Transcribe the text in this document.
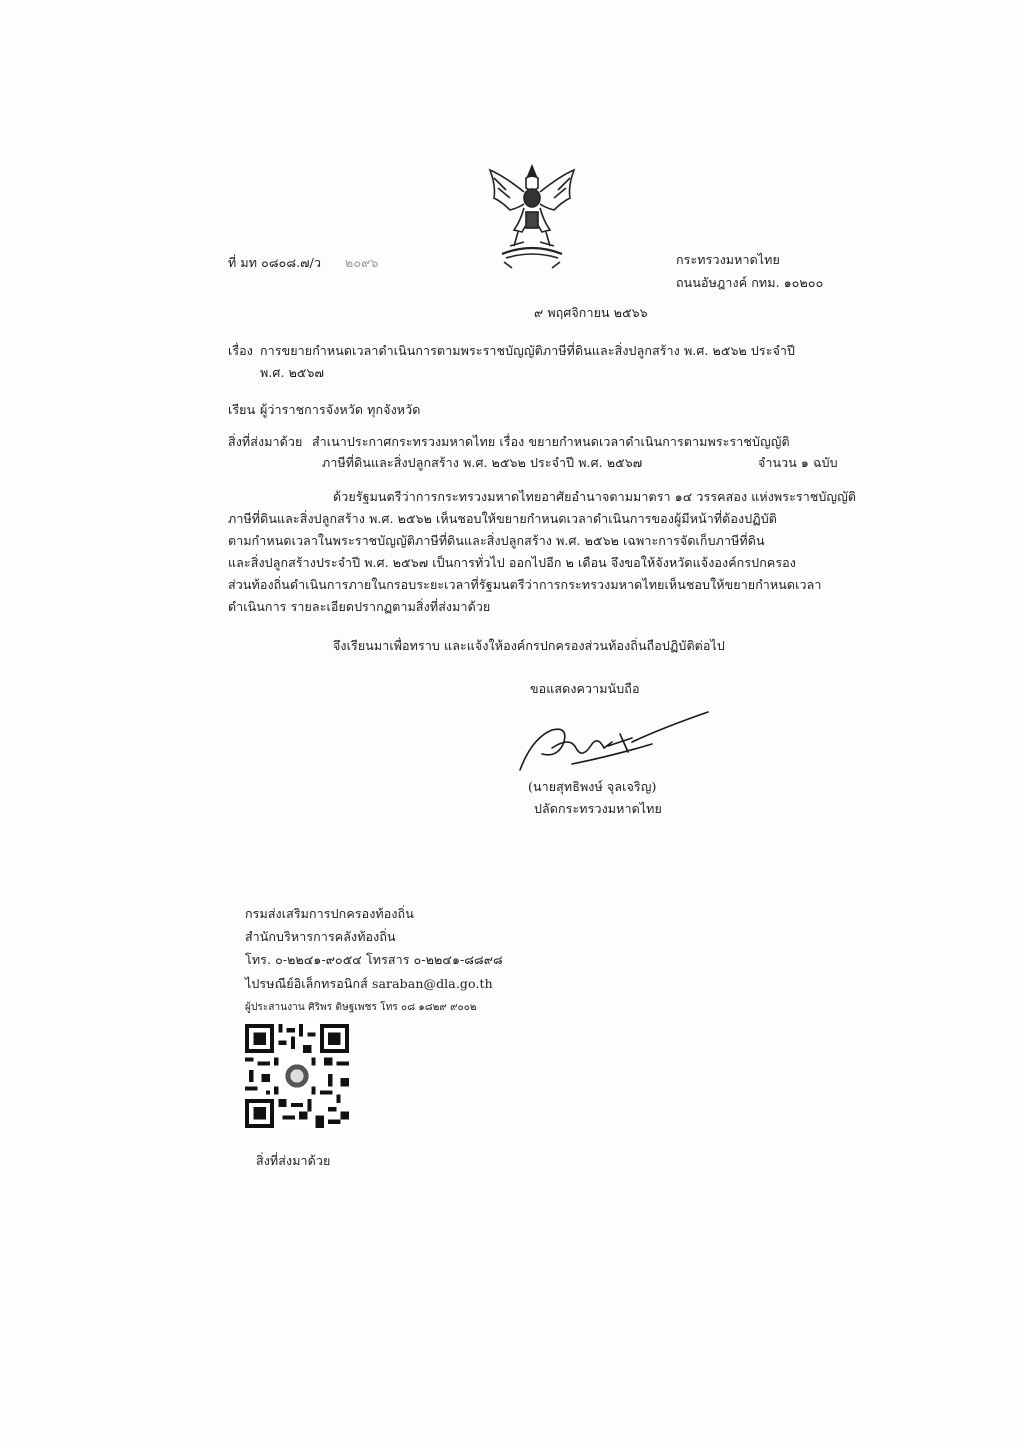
ที่ มท ๐๘๐๘.๗/ว ๒๐๙๖	กระทรวงมหาดไทย
ถนนอัษฎางค์ กทม. ๑๐๒๐๐
๙ พฤศจิกายน ๒๕๖๖
เรื่อง การขยายกำหนดเวลาดำเนินการตามพระราชบัญญัติภาษีที่ดินและสิ่งปลูกสร้าง พ.ศ. ๒๕๖๒ ประจำปี
พ.ศ. ๒๕๖๗
เรียน ผู้ว่าราชการจังหวัด ทุกจังหวัด
สิ่งที่ส่งมาด้วย สำเนาประกาศกระทรวงมหาดไทย เรื่อง ขยายกำหนดเวลาดำเนินการตามพระราชบัญญัติ
ภาษีที่ดินและสิ่งปลูกสร้าง พ.ศ. ๒๕๖๒ ประจำปี พ.ศ. ๒๕๖๗	จำนวน ๑ ฉบับ
ด้วยรัฐมนตรีว่าการกระทรวงมหาดไทยอาศัยอำนาจตามมาตรา ๑๔ วรรคสอง แห่งพระราชบัญญัติ
ภาษีที่ดินและสิ่งปลูกสร้าง พ.ศ. ๒๕๖๒ เห็นชอบให้ขยายกำหนดเวลาดำเนินการของผู้มีหน้าที่ต้องปฏิบัติ
ตามกำหนดเวลาในพระราชบัญญัติภาษีที่ดินและสิ่งปลูกสร้าง พ.ศ. ๒๕๖๒ เฉพาะการจัดเก็บภาษีที่ดิน
และสิ่งปลูกสร้างประจำปี พ.ศ. ๒๕๖๗ เป็นการทั่วไป ออกไปอีก ๒ เดือน จึงขอให้จังหวัดแจ้งองค์กรปกครอง
ส่วนท้องถิ่นดำเนินการภายในกรอบระยะเวลาที่รัฐมนตรีว่าการกระทรวงมหาดไทยเห็นชอบให้ขยายกำหนดเวลา
ดำเนินการ รายละเอียดปรากฏตามสิ่งที่ส่งมาด้วย
จึงเรียนมาเพื่อทราบ และแจ้งให้องค์กรปกครองส่วนท้องถิ่นถือปฏิบัติต่อไป
ขอแสดงความนับถือ
(นายสุทธิพงษ์ จุลเจริญ)
ปลัดกระทรวงมหาดไทย
กรมส่งเสริมการปกครองท้องถิ่น
สำนักบริหารการคลังท้องถิ่น
โทร. ๐-๒๒๔๑-๙๐๕๔ โทรสาร ๐-๒๒๔๑-๘๘๙๘
ไปรษณีย์อิเล็กทรอนิกส์ saraban@dla.go.th
ผู้ประสานงาน ศิริพร ดิษฐเพชร โทร ๐๘ ๑๘๒๙ ๙๐๐๒
สิ่งที่ส่งมาด้วย
